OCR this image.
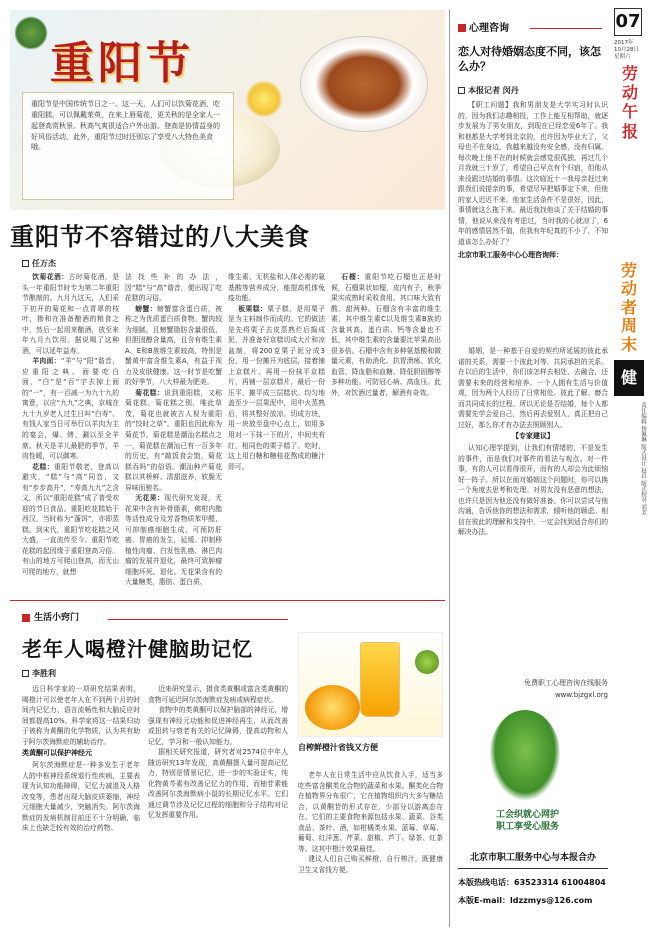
重阳节
重阳节是中国传统节日之一。这一天，人们可以饮菊花酒，吃重阳糕，可以佩戴茱萸，在来上唇菊花，更关秋的是全家人一起登高赏秋景。秋高气爽很适合户外出游。登高是协情益身的好风俗活动，此外，重阳节过时还别忘了享受八大特色美食哦。
重阳节不容错过的八大美食
任万杰

饮菊花酒：古时菊花酒，是头一年重阳节时专为第二年重阳节酿制的。九月九这天，人们采下初开的菊花和一点青翠的枝叶，掺和在准备酿酒的粮食之中，然后一起用来酿酒，放至来年九月九饮用。据说喝了这种酒，可以延年益寿。

羊肉面：“羊”与“阳”谐音，应重阳之典。面要吃白面，“白”是“百”字去掉上面的“一”，有一百减一为九十九的寓意，以应“九九”之典，京城在九十九岁老人过生日叫“白寿”。有钱人家当日可举行以羊肉为主的宴会，爆、烤、涮以至全羊席。秋天是羊儿最肥的季节，羊肉性暖，可以御寒。

花糕：重阳节敬老，登高以避灾，“糕”与“高”同音，又有“步步高升”，“寿高九九”之含义，所以“重阳花糕”成了普受欢迎的节日食品。重阳吃花糕始于西汉，当时称为“蓬饵”，亦即蒸糕。到宋代，重阳节吃花糕之风大盛，一直流传至今。重阳节吃花糕的起因缘于重阳登高习俗。有山的地方可爬山登高，而无山可爬的地方，就想

法找些补的办法，因“糕”与“高”谐音，便出现了吃花糕的习俗。

螃蟹：螃蟹富含蛋白质，被称之为优质蛋白质食物。蟹肉较为细腻，且螃蟹脂肪含量很低，但胆固醇含量高，且含有维生素A、E和B族维生素较高，特别是蟹黄中富含维生素A，有益于视力及皮肤健康。这一时节是吃蟹的好季节，八大样最为肥美。

菊花糕：说到重阳糕，又称菊花糕、菊花糕之别，唯此草茂，菊花也就被古人视为重阳的“饺时之草”。重阳也因此称为菊花节。菊花糕是潮汕名糕点之一，菊花糕在潮汕已有一百多年的历史，有“敲饭食会饱，菊花糕吞吗”的俗语。潮汕种产菊花糕以其桥鲜、清甜滋养，软脆无异味而驰名。

无花果：现代研究发现，无花果中含有补骨脂素，佛柑内酯等活性成分及芳香物质苯甲醛，可抑制癌细胞生成，可预防肝癌、胃癌的发生，延缓、抑制移植性肉瘤、白发性乳癌、淋巴肉瘤的发展并退化，最终可致肿瘤细胞坏死。退化。无花果含有的大量糖类，脂肪、蛋白质、

维生素、无机盐和人体必需的氨基酸等营养成分，能提高机体免疫功能。

板栗糕：栗子糕，是用栗子是为主料制作而成的。它的做法是先将栗子去皮蒸熟烂后捣成泥，并准备好京糕切成大片和凉盆制，将200克栗子泥分成3份，用一份摊开为底层，接着铺上京糕片。再用一份抹平京糕片，再铺一层京糕片，最后一份压平，摊平成三层糕状。均匀地盖至少一层果泥中，用中火蒸熟后，将其整好放凉。切成方块，用一块放至盘中心点上，如用多用对一下抹一下的片，中间夹有红，相同色的栗子糕了。吃时，这上用白糖和糖桂花熬成的糖汁即可。

石榴：重阳节吃石榴也正是时候，石榴果状如榴，皮内有子，秋季果实成熟时采收食用。其口味大致有酸、甜两种。石榴含有丰富的维生素，其中维生素C以及维生素B族的含量其高，蛋白质、钙等含量也不低，其中维生素的含量要比苹果高出很多倍。石榴中含有多种氨基酸和微量元素，有助消化、抗胃溃疡、软化血管、降血脂和血糖、降低胆固醇等多种功能。可防冠心病、高血压。此外，对饮酒过量者，解酒有奇效。

生活小窍门
老年人喝橙汁健脑助记忆
李胜利

近日科学家的一项研究结果表明，喝橙汁可以使老年人在不到两个月的时间内记忆力、语言流畅性和大脑反应时间都提高10%。科学家将这一结果归功于被称为黄酮的化学物质，认为其有助于阿尔茨海默症的辅助治疗。

类黄酮可以保护神经元

阿尔茨海默症是一种多发生于老年人的中枢神经系统退行性疾病，主要表现为认知功能障碍，记忆力减退及人格改变等，患者出现大脑皮质萎缩，神经元细胞大量减少，突触消失。阿尔茨海默症的发病机制目前还不十分明确，临床上也缺乏较有效的治疗药物。

近来研究显示，摄食类黄酮或富含类黄酮的食物可延迟阿尔茨海默症发病或病程症状。

食物中的类黄酮可以保护脑部的神经元，增强现有神经元功能和促进神经再生，从而改善或扭转与衰老有关的记忆障碍，提高动物和人记忆，学习和一般认知能力。

据相关研究报道，研究者对2574位中年人随访研究13年发现，高黄酮摄入量可提高记忆力，特别是情景记忆，进一步的实验证实，纯化物黄芩素有改善记忆力的作用，而柚苷素能改善阿尔茨海默病小鼠的长期记忆水平。它们通过调节涉及记忆过程的细胞和分子结构对记忆发挥重要作用。

自榨鲜橙汁省钱又方便

老年人在日常生活中应从饮食入手，适当多吃些富含酮类化合物的蔬菜和水果。酮类化合物在植物界分布很广，它在植物组织内大多与糖结合，以黄酮苷的形式存在，少部分以游离态存在。它们的主要食物来源包括水果、蔬菜、谷类食品、茶叶、酒，如柑橘类水果、蓝莓、草莓、葡萄、红洋葱、芹菜、甜椒、芦丁、绿茶、红茶等。这其中橙汁效果最佳。

建议人们自己购买鲜橙，自行榨汁，既健康卫生又省钱方便。

心理咨询
恋人对待婚姻态度不同，该怎么办？
本报记者 闵丹

【职工问题】我和男朋友是大学实习时认识的，因为我们志趣相投，工作上能互相帮助，就逐步发展为了男女朋友，到现在已经恋爱6年了。我和他都是大学考到北京的，也许因为毕业大了，父母也不在身边，我越来越没有安全感，没有归属。每次晚上他不在的时候就会感觉很孤独。再过几个月我就三十岁了，希望自己早点有个归宿，但他从来没跟过结婚的事情。这次临近十一我母亲赶过来跟我们说提亲的事，希望尽早把婚事定下来，但他的家人迟迟不来。他家生活条件不是很好，因此，事情就这么拖下来。最近我找他谈了关于结婚的事情，他说从来没有考虑过，当时我的心就凉了，6年的感情居然不值，但我有年纪真的不小了，不知道该怎么办好了？

北京市职工服务中心心理咨询师：

婚姻，是一种基于自爱的契约所延展的彼此承诺的关系，需要一个彼此对等、共同承担的关系。在以后的生活中，你们该怎样去相处、去融合，还需要未来的经营和培养。一个人拥有生活与价值观，因为两个人经历了日常相处、彼此了解、磨合而共同成长的过程。所以无论是否结婚，每个人都需要先学会爱自己，然后再去爱别人，真正把自己过好，那么你才有办法去照顾别人。

【专家建议】

认知心理学提到，让我们有情绪的，不是发生的事件，而是我们对事件的看法与观点。对一件事，有的人可以看得很开，而有的人却会为此烦恼好一阵子。所以在面对婚姻这个问题时，你可以换一个角度去思考和处理。对男友没有恶意的想法，也许只是因为他还没有做好准备。你可以尝试与他沟通，告诉他你的想法和需求，倾听他的顾虑。相信在彼此的理解和支持中，一定会找到适合你们的解决办法。

免费职工心理咨询在线服务
www.bjzgxl.org
工会织就心网护
职工享受心服务
北京市职工服务中心与本报合办
本版热线电话：63523314 61004804
本版E-mail：ldzzmys@126.com
07
2017年
10月28日
星期六
劳
动
午
报
劳
动
者
周
末
健康 责任编辑 杨佩琳 版式设计 赵岩 版式校对 刘芳
